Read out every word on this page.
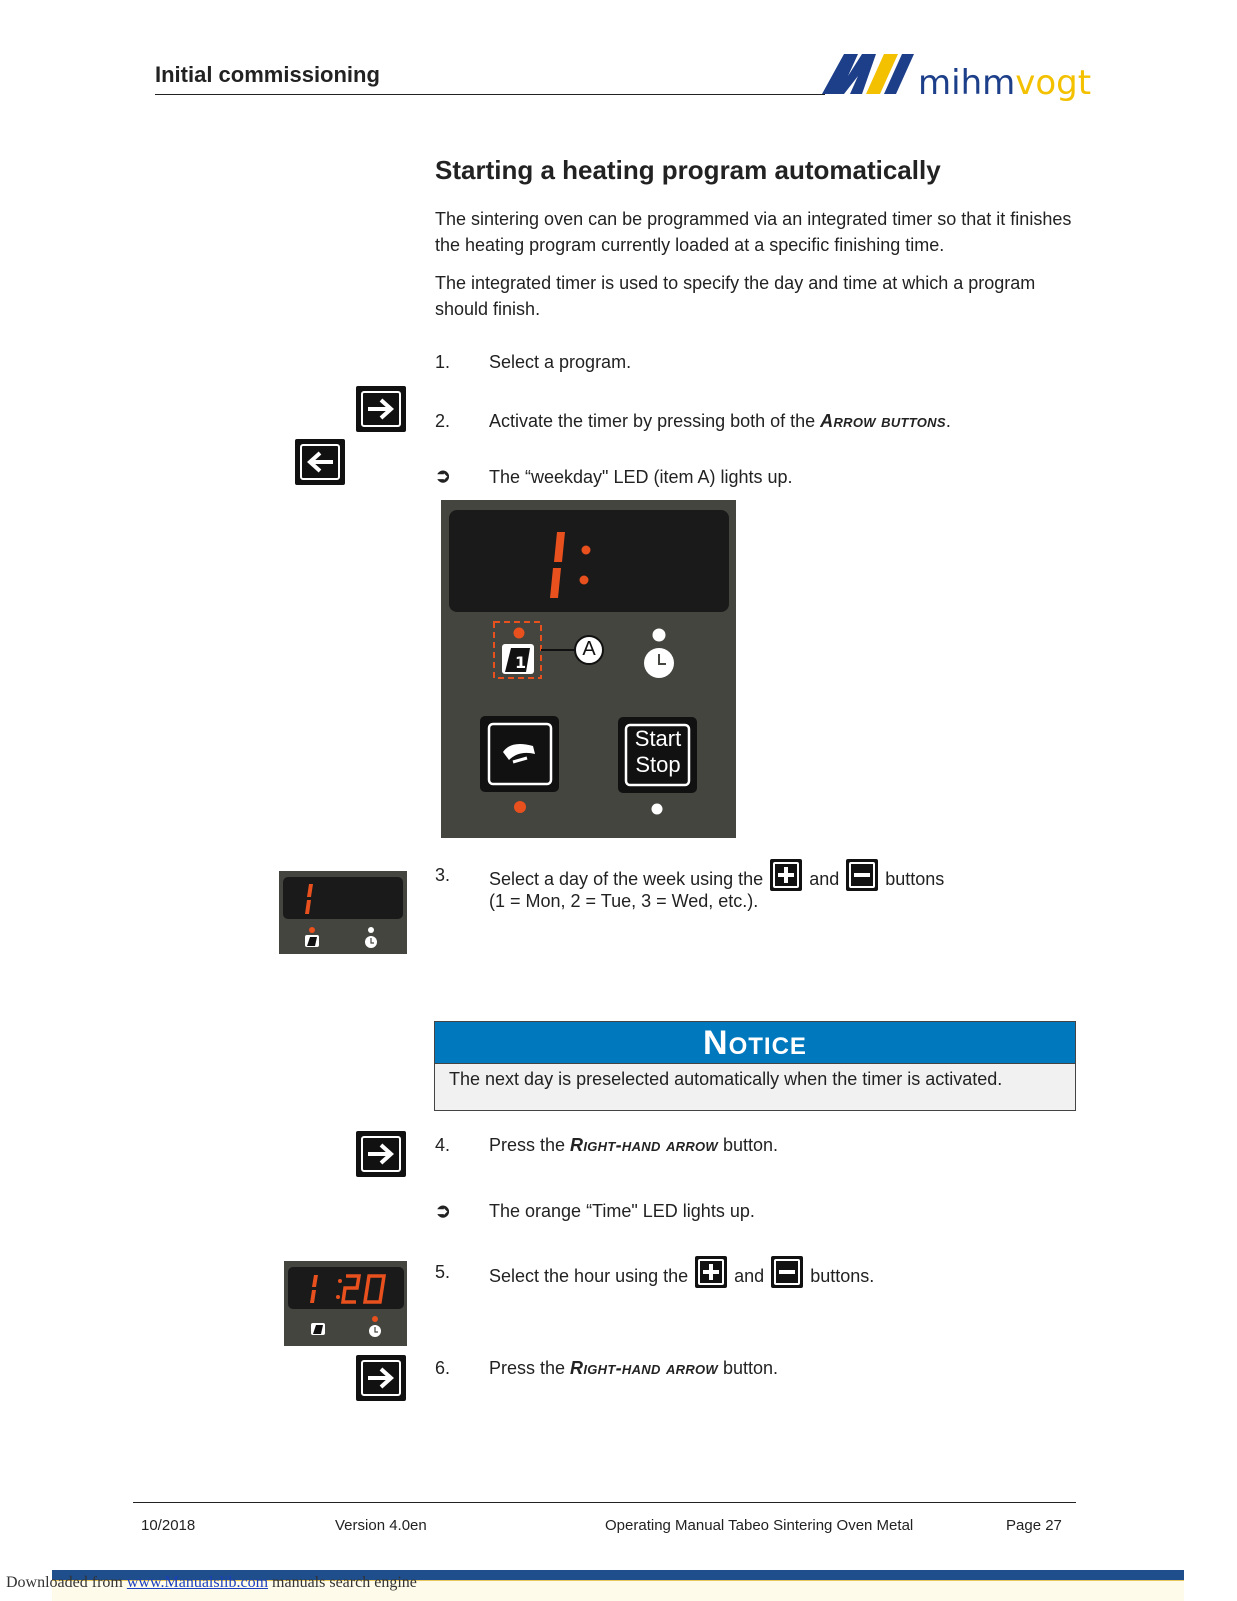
Initial commissioning	mihmvogt
Starting a heating program automatically
The sintering oven can be programmed via an integrated timer so that it finishes the heating program currently loaded at a specific finishing time.
The integrated timer is used to specify the day and time at which a program should finish.
1. Select a program.
2. Activate the timer by pressing both of the Arrow buttons.
➲ The “weekday" LED (item A) lights up.
1
A
Start
Stop
3. Select a day of the week using the
and
buttons
(1 = Mon, 2 = Tue, 3 = Wed, etc.).
Notice
The next day is preselected automatically when the timer is activated.
4. Press the Right-hand arrow button.
➲ The orange “Time" LED lights up.
5. Select the hour using the
and
buttons.
6. Press the Right-hand arrow button.
10/2018	Version 4.0en	Operating Manual Tabeo Sintering Oven Metal	Page 27
Downloaded from www.Manualslib.com manuals search engine
